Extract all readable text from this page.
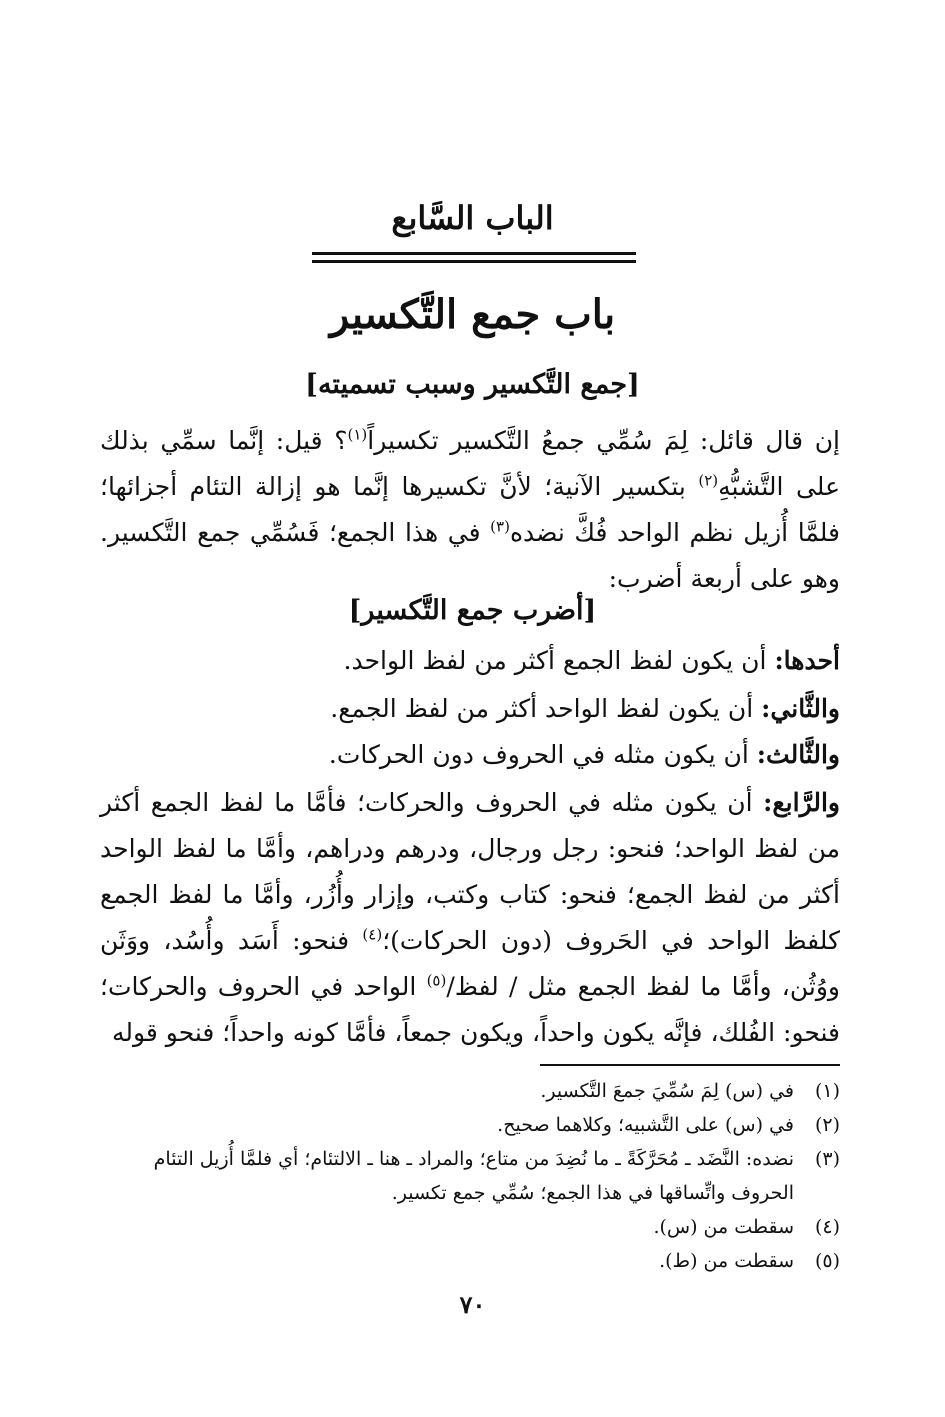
الباب السَّابع
باب جمع التَّكسير
[جمع التَّكسير وسبب تسميته]

إن قال قائل: لِمَ سُمِّي جمعُ التَّكسير تكسيراً$^{(١)}$؟ قيل: إنَّما سمِّي بذلك على التَّشبُّهِ$^{(٢)}$ بتكسير الآنية؛ لأنَّ تكسيرها إنَّما هو إزالة التئام أجزائها؛ فلمَّا أُزيل نظم الواحد فُكَّ نضده$^{(٣)}$ في هذا الجمع؛ فَسُمِّي جمع التَّكسير. وهو على أربعة أضرب:

[أضرب جمع التَّكسير]
أحدها: أن يكون لفظ الجمع أكثر من لفظ الواحد.
والثَّاني: أن يكون لفظ الواحد أكثر من لفظ الجمع.
والثَّالث: أن يكون مثله في الحروف دون الحركات.

والرَّابع: أن يكون مثله في الحروف والحركات؛ فأمَّا ما لفظ الجمع أكثر من لفظ الواحد؛ فنحو: رجل ورجال، ودرهم ودراهم، وأمَّا ما لفظ الواحد أكثر من لفظ الجمع؛ فنحو: كتاب وكتب، وإزار وأُزُر، وأمَّا ما لفظ الجمع كلفظ الواحد في الحَروف (دون الحركات)؛$^{(٤)}$ فنحو: أَسَد وأُسُد، ووَثَن ووُثُن، وأمَّا ما لفظ الجمع مثل / لفظ/$^{(٥)}$ الواحد في الحروف والحركات؛ فنحو: الفُلك، فإنَّه يكون واحداً، ويكون جمعاً، فأمَّا كونه واحداً؛ فنحو قوله

(١)
في (س) لِمَ سُمِّيَ جمعَ التَّكسير.
(٢)
في (س) على التَّشبيه؛ وكلاهما صحيح.
(٣)
نضده: النَّضَد ـ مُحَرَّكَةً ـ ما نُضِدَ من متاع؛ والمراد ـ هنا ـ الالتئام؛ أي فلمَّا أُزيل التئام الحروف واتِّساقها في هذا الجمع؛ سُمِّي جمع تكسير.
(٤)
سقطت من (س).
(٥)
سقطت من (ط).
٧٠
